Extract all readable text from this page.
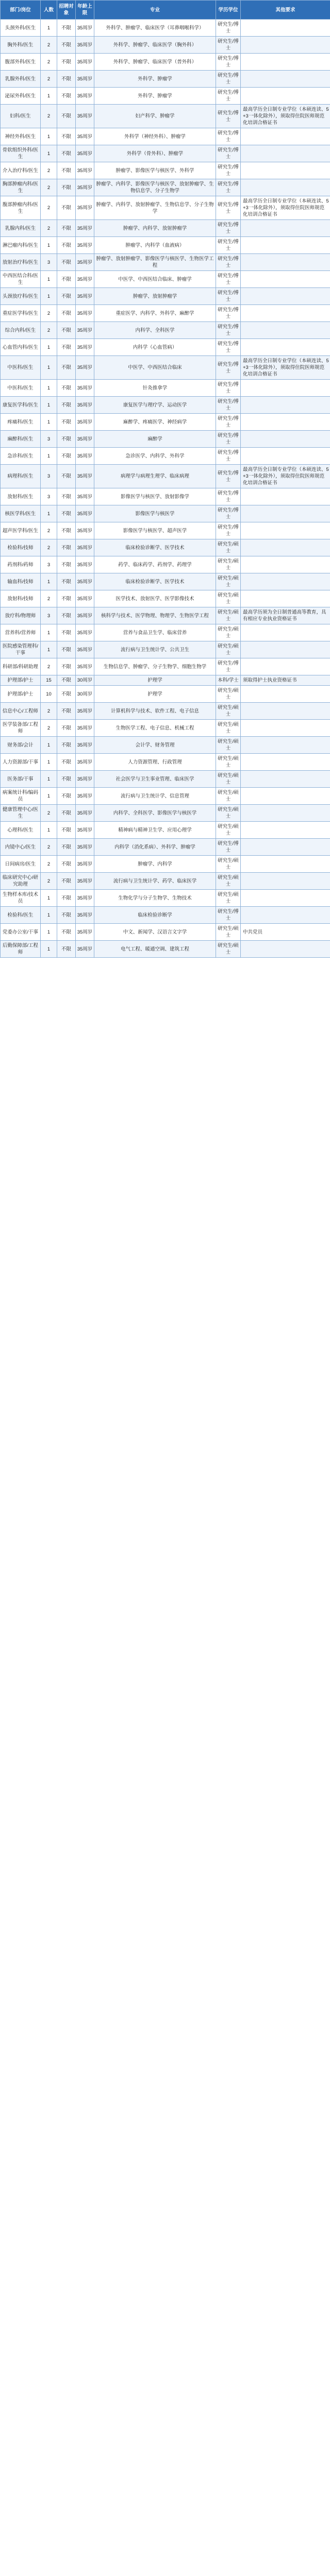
部门/岗位	人数	招聘对象	年龄上限	专业	学历学位	其他要求
头颈外科/医生	1	不限	35周岁	外科学、肿瘤学、临床医学（耳鼻咽喉科学）	研究生/博士	
胸外科/医生	2	不限	35周岁	外科学、肿瘤学、临床医学（胸外科）	研究生/博士	
腹部外科/医生	2	不限	35周岁	外科学、肿瘤学、临床医学（普外科）	研究生/博士	
乳腺外科/医生	2	不限	35周岁	外科学、肿瘤学	研究生/博士	
泌尿外科/医生	1	不限	35周岁	外科学、肿瘤学	研究生/博士	
妇科/医生	2	不限	35周岁	妇产科学、肿瘤学	研究生/博士	最高学历全日制专业学位（本硕连读、5+3一体化除外），须取得住院医师规范化培训合格证书
神经外科/医生	1	不限	35周岁	外科学（神经外科）、肿瘤学	研究生/博士	
骨软组织外科/医生	1	不限	35周岁	外科学（骨外科）、肿瘤学	研究生/博士	
介入治疗科/医生	2	不限	35周岁	肿瘤学、影像医学与核医学、外科学	研究生/博士	
胸部肿瘤内科/医生	2	不限	35周岁	肿瘤学、内科学、影像医学与核医学、放射肿瘤学、生物信息学、分子生物学	研究生/博士	
腹部肿瘤内科/医生	2	不限	35周岁	肿瘤学、内科学、放射肿瘤学、生物信息学、分子生物学	研究生/博士	最高学历全日制专业学位（本硕连读、5+3一体化除外），须取得住院医师规范化培训合格证书
乳腺内科/医生	2	不限	35周岁	肿瘤学、内科学、放射肿瘤学	研究生/博士	
淋巴瘤内科/医生	1	不限	35周岁	肿瘤学、内科学（血液病）	研究生/博士	
放射治疗科/医生	3	不限	35周岁	肿瘤学、放射肿瘤学、影像医学与核医学、生物医学工程	研究生/博士	
中西医结合科/医生	1	不限	35周岁	中医学、中西医结合临床、肿瘤学	研究生/博士	
头颈放疗科/医生	1	不限	35周岁	肿瘤学、放射肿瘤学	研究生/博士	
重症医学科/医生	2	不限	35周岁	重症医学、内科学、外科学、麻醉学	研究生/博士	
综合内科/医生	2	不限	35周岁	内科学、全科医学	研究生/博士	
心血管内科/医生	1	不限	35周岁	内科学（心血管病）	研究生/博士	
中医科/医生	1	不限	35周岁	中医学、中西医结合临床	研究生/博士	最高学历全日制专业学位（本硕连读、5+3一体化除外），须取得住院医师规范化培训合格证书
中医科/医生	1	不限	35周岁	针灸推拿学	研究生/博士	
康复医学科/医生	1	不限	35周岁	康复医学与理疗学、运动医学	研究生/博士	
疼痛科/医生	1	不限	35周岁	麻醉学、疼痛医学、神经病学	研究生/博士	
麻醉科/医生	3	不限	35周岁	麻醉学	研究生/博士	
急诊科/医生	1	不限	35周岁	急诊医学、内科学、外科学	研究生/博士	
病理科/医生	3	不限	35周岁	病理学与病理生理学、临床病理	研究生/博士	最高学历全日制专业学位（本硕连读、5+3一体化除外），须取得住院医师规范化培训合格证书
放射科/医生	3	不限	35周岁	影像医学与核医学、放射影像学	研究生/博士	
核医学科/医生	1	不限	35周岁	影像医学与核医学	研究生/博士	
超声医学科/医生	2	不限	35周岁	影像医学与核医学、超声医学	研究生/博士	
检验科/技师	2	不限	35周岁	临床检验诊断学、医学技术	研究生/硕士	
药剂科/药师	3	不限	35周岁	药学、临床药学、药剂学、药理学	研究生/硕士	
输血科/技师	1	不限	35周岁	临床检验诊断学、医学技术	研究生/硕士	
放射科/技师	2	不限	35周岁	医学技术、放射医学、医学影像技术	研究生/硕士	
放疗科/物理师	3	不限	35周岁	核科学与技术、医学物理、物理学、生物医学工程	研究生/硕士	最高学历须为全日制普通高等教育，具有相应专业执业资格证书
营养科/营养师	1	不限	35周岁	营养与食品卫生学、临床营养	研究生/硕士	
医院感染管理科/干事	1	不限	35周岁	流行病与卫生统计学、公共卫生	研究生/硕士	
科研部/科研助理	2	不限	35周岁	生物信息学、肿瘤学、分子生物学、细胞生物学	研究生/博士	
护理部/护士	15	不限	30周岁	护理学	本科/学士	须取得护士执业资格证书
护理部/护士	10	不限	30周岁	护理学	研究生/硕士	
信息中心/工程师	2	不限	35周岁	计算机科学与技术、软件工程、电子信息	研究生/硕士	
医学装备部/工程师	2	不限	35周岁	生物医学工程、电子信息、机械工程	研究生/硕士	
财务部/会计	1	不限	35周岁	会计学、财务管理	研究生/硕士	
人力资源部/干事	1	不限	35周岁	人力资源管理、行政管理	研究生/硕士	
医务部/干事	1	不限	35周岁	社会医学与卫生事业管理、临床医学	研究生/硕士	
病案统计科/编码员	1	不限	35周岁	流行病与卫生统计学、信息管理	研究生/硕士	
健康管理中心/医生	2	不限	35周岁	内科学、全科医学、影像医学与核医学	研究生/硕士	
心理科/医生	1	不限	35周岁	精神病与精神卫生学、应用心理学	研究生/硕士	
内镜中心/医生	2	不限	35周岁	内科学（消化系病）、外科学、肿瘤学	研究生/博士	
日间病房/医生	2	不限	35周岁	肿瘤学、内科学	研究生/硕士	
临床研究中心/研究助理	2	不限	35周岁	流行病与卫生统计学、药学、临床医学	研究生/硕士	
生物样本库/技术员	1	不限	35周岁	生物化学与分子生物学、生物技术	研究生/硕士	
检验科/医生	1	不限	35周岁	临床检验诊断学	研究生/博士	
党委办公室/干事	1	不限	35周岁	中文、新闻学、汉语言文字学	研究生/硕士	中共党员
后勤保障部/工程师	1	不限	35周岁	电气工程、暖通空调、建筑工程	研究生/硕士	
